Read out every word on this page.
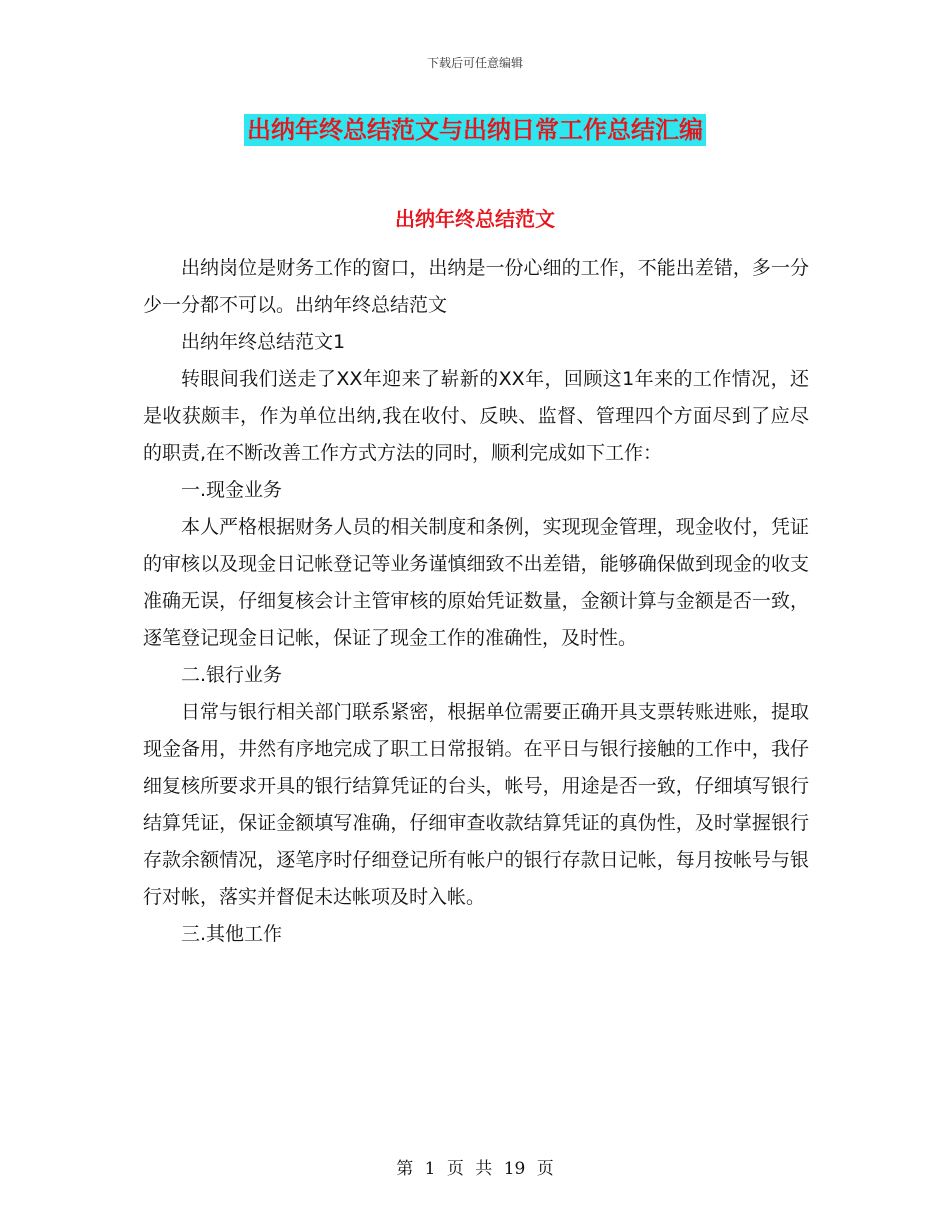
下载后可任意编辑
出纳年终总结范文与出纳日常工作总结汇编
出纳年终总结范文

出纳岗位是财务工作的窗口，出纳是一份心细的工作，不能出差错，多一分少一分都不可以。出纳年终总结范文

出纳年终总结范文1

转眼间我们送走了XX年迎来了崭新的XX年，回顾这1年来的工作情况，还是收获颇丰，作为单位出纳,我在收付、反映、监督、管理四个方面尽到了应尽的职责,在不断改善工作方式方法的同时，顺利完成如下工作：

一.现金业务

本人严格根据财务人员的相关制度和条例，实现现金管理，现金收付，凭证的审核以及现金日记帐登记等业务谨慎细致不出差错，能够确保做到现金的收支准确无误，仔细复核会计主管审核的原始凭证数量，金额计算与金额是否一致，逐笔登记现金日记帐，保证了现金工作的准确性，及时性。

二.银行业务

日常与银行相关部门联系紧密，根据单位需要正确开具支票转账进账，提取现金备用，井然有序地完成了职工日常报销。在平日与银行接触的工作中，我仔细复核所要求开具的银行结算凭证的台头，帐号，用途是否一致，仔细填写银行结算凭证，保证金额填写准确，仔细审查收款结算凭证的真伪性，及时掌握银行存款余额情况，逐笔序时仔细登记所有帐户的银行存款日记帐，每月按帐号与银行对帐，落实并督促未达帐项及时入帐。

三.其他工作

第 1 页 共 19 页
